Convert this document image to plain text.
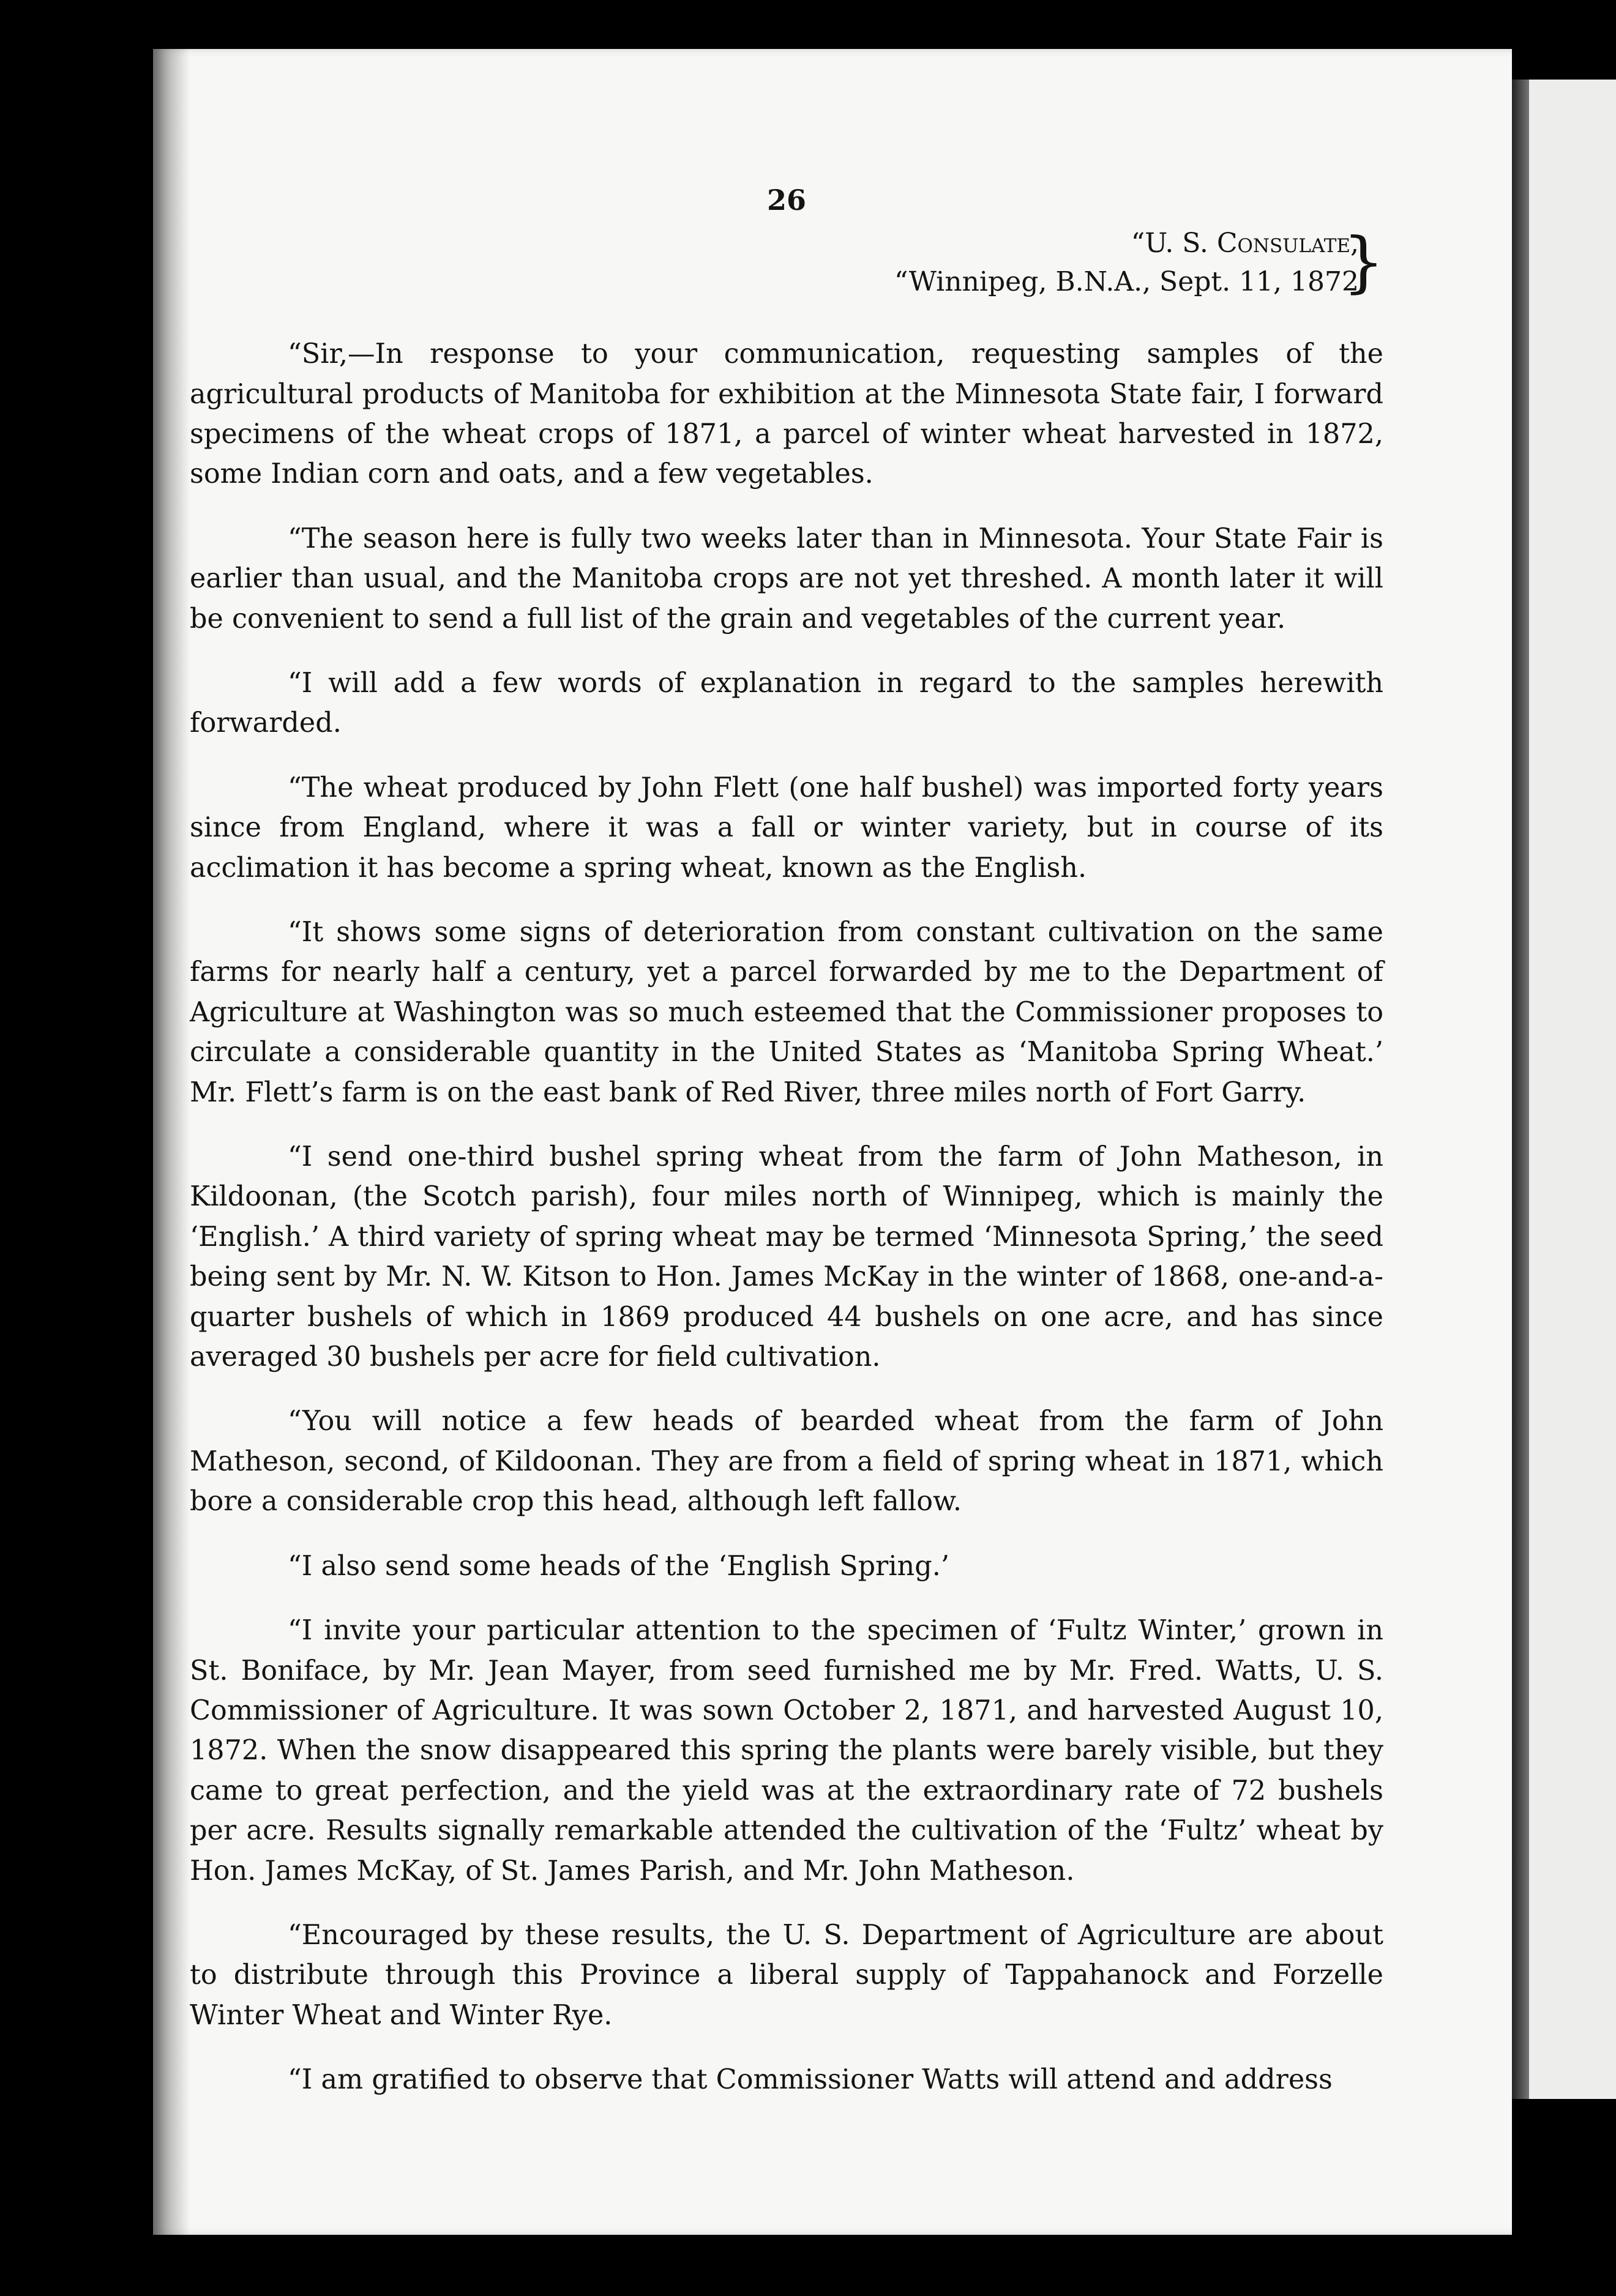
26
“U. S. Consulate,
“Winnipeg, B.N.A., Sept. 11, 1872
}

“Sir,—In response to your communication, requesting samples of the agricultural products of Manitoba for exhibition at the Minnesota State fair, I forward specimens of the wheat crops of 1871, a parcel of winter wheat harvested in 1872, some Indian corn and oats, and a few vegetables.

“The season here is fully two weeks later than in Minnesota. Your State Fair is earlier than usual, and the Manitoba crops are not yet threshed. A month later it will be convenient to send a full list of the grain and vegetables of the current year.

“I will add a few words of explanation in regard to the samples herewith forwarded.

“The wheat produced by John Flett (one half bushel) was imported forty years since from England, where it was a fall or winter variety, but in course of its acclimation it has become a spring wheat, known as the English.

“It shows some signs of deterioration from constant cultivation on the same farms for nearly half a century, yet a parcel forwarded by me to the Department of Agriculture at Washington was so much esteemed that the Commissioner proposes to circulate a considerable quantity in the United States as ‘Manitoba Spring Wheat.’ Mr. Flett’s farm is on the east bank of Red River, three miles north of Fort Garry.

“I send one-third bushel spring wheat from the farm of John Matheson, in Kildoonan, (the Scotch parish), four miles north of Winnipeg, which is mainly the ‘English.’ A third variety of spring wheat may be termed ‘Minnesota Spring,’ the seed being sent by Mr. N. W. Kitson to Hon. James McKay in the winter of 1868, one-and-a-quarter bushels of which in 1869 produced 44 bushels on one acre, and has since averaged 30 bushels per acre for field cultivation.

“You will notice a few heads of bearded wheat from the farm of John Matheson, second, of Kildoonan. They are from a field of spring wheat in 1871, which bore a considerable crop this head, although left fallow.

“I also send some heads of the ‘English Spring.’

“I invite your particular attention to the specimen of ‘Fultz Winter,’ grown in St. Boniface, by Mr. Jean Mayer, from seed furnished me by Mr. Fred. Watts, U. S. Commissioner of Agriculture. It was sown October 2, 1871, and harvested August 10, 1872. When the snow disappeared this spring the plants were barely visible, but they came to great perfection, and the yield was at the extraordinary rate of 72 bushels per acre. Results signally remarkable attended the cultivation of the ‘Fultz’ wheat by Hon. James McKay, of St. James Parish, and Mr. John Matheson.

“Encouraged by these results, the U. S. Department of Agriculture are about to distribute through this Province a liberal supply of Tappahanock and Forzelle Winter Wheat and Winter Rye.

“I am gratified to observe that Commissioner Watts will attend and address
